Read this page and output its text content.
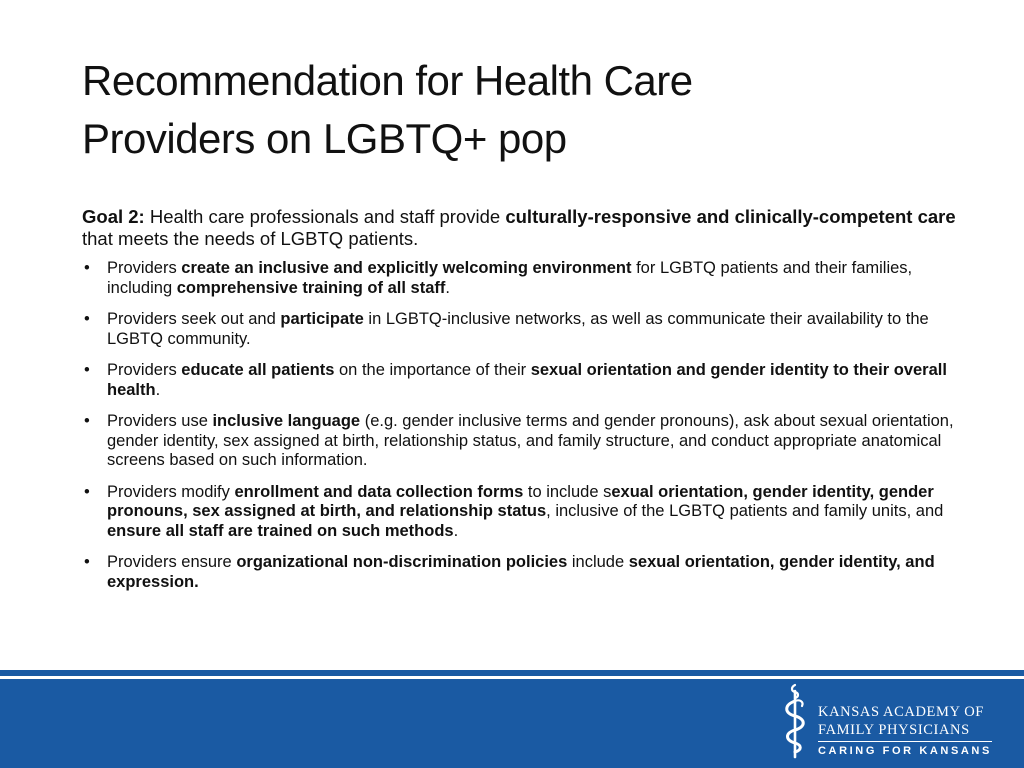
Recommendation for Health Care
Providers on LGBTQ+ pop

Goal 2: Health care professionals and staff provide culturally-responsive and clinically-competent care that meets the needs of LGBTQ patients.

• Providers create an inclusive and explicitly welcoming environment for LGBTQ patients and their families, including comprehensive training of all staff.
• Providers seek out and participate in LGBTQ-inclusive networks, as well as communicate their availability to the LGBTQ community.
• Providers educate all patients on the importance of their sexual orientation and gender identity to their overall health.
• Providers use inclusive language (e.g. gender inclusive terms and gender pronouns), ask about sexual orientation, gender identity, sex assigned at birth, relationship status, and family structure, and conduct appropriate anatomical screens based on such information.
• Providers modify enrollment and data collection forms to include sexual orientation, gender identity, gender pronouns, sex assigned at birth, and relationship status, inclusive of the LGBTQ patients and family units, and ensure all staff are trained on such methods.
• Providers ensure organizational non-discrimination policies include sexual orientation, gender identity, and expression.
KANSAS ACADEMY OF
FAMILY PHYSICIANS
CARING FOR KANSANS
